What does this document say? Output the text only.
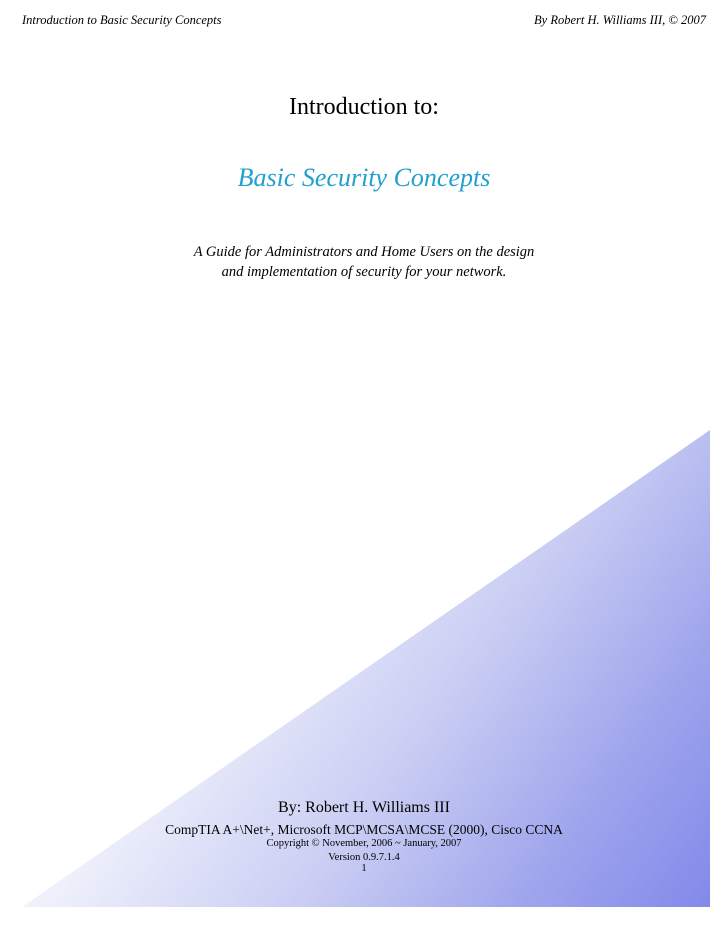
Introduction to Basic Security Concepts	By Robert H. Williams III, © 2007
Introduction to:
Basic Security Concepts
A Guide for Administrators and Home Users on the design
and implementation of security for your network.
By: Robert H. Williams III
CompTIA A+\Net+, Microsoft MCP\MCSA\MCSE (2000), Cisco CCNA
Copyright © November, 2006 ~ January, 2007
Version 0.9.7.1.4
1
